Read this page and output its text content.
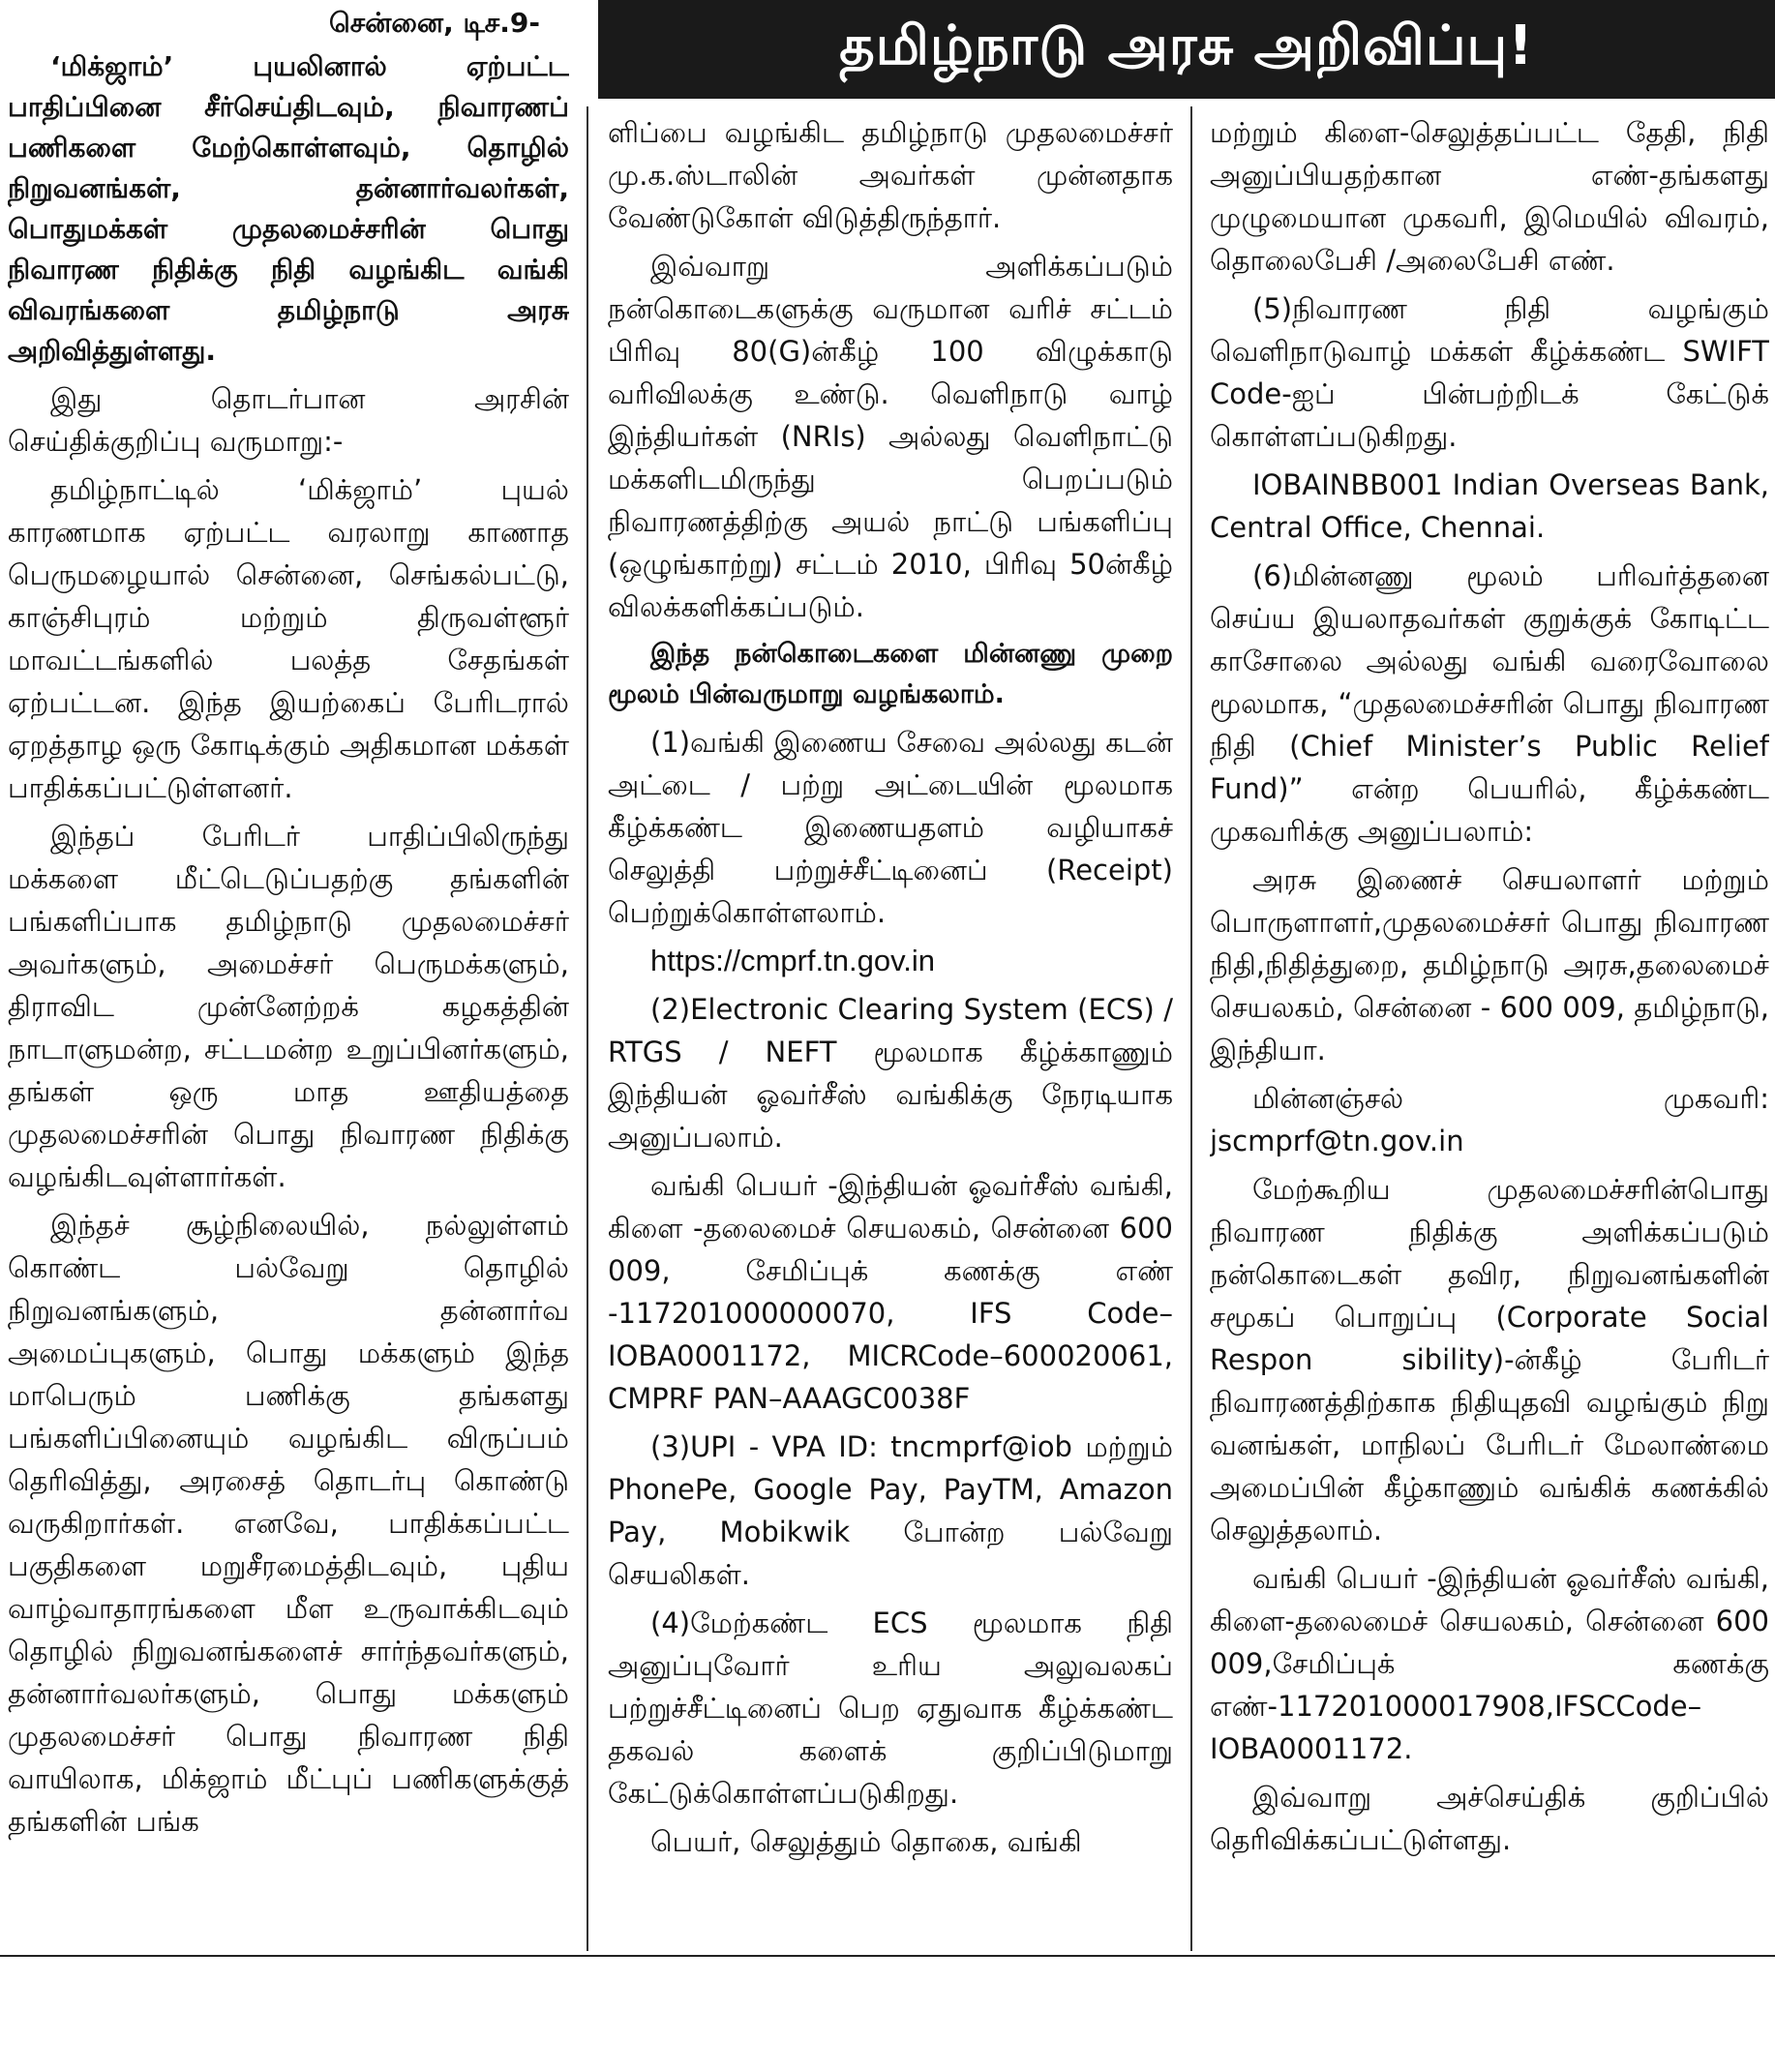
தமிழ்நாடு அரசு அறிவிப்பு!
சென்னை, டிச.9-

‘மிக்ஜாம்’ புயலினால் ஏற்பட்ட பாதிப்பினை சீர்செய்திடவும், நிவாரணப் பணிகளை மேற்கொள்ளவும், தொழில் நிறுவனங்கள், தன்னார்வலர்கள், பொதுமக்கள் முதலமைச்சரின் பொது நிவாரண நிதிக்கு நிதி வழங்கிட வங்கி விவரங்களை தமிழ்நாடு அரசு அறிவித்துள்ளது.

இது தொடர்பான அரசின் செய்திக்குறிப்பு வருமாறு:-

தமிழ்நாட்டில் ‘மிக்ஜாம்’ புயல் காரணமாக ஏற்பட்ட வரலாறு காணாத பெருமழையால் சென்னை, செங்கல்பட்டு, காஞ்சிபுரம் மற்றும் திருவள்ளூர் மாவட்டங்களில் பலத்த சேதங்கள் ஏற்பட்டன. இந்த இயற்கைப் பேரிடரால் ஏறத்தாழ ஒரு கோடிக்கும் அதிகமான மக்கள் பாதிக்கப்பட்டுள்ளனர்.

இந்தப் பேரிடர் பாதிப்பிலிருந்து மக்களை மீட்டெடுப்பதற்கு தங்களின் பங்களிப்பாக தமிழ்நாடு முதலமைச்சர் அவர்களும், அமைச்சர் பெருமக்களும், திராவிட முன்னேற்றக் கழகத்தின் நாடாளுமன்ற, சட்டமன்ற உறுப்பினர்களும், தங்கள் ஒரு மாத ஊதியத்தை முதலமைச்சரின் பொது நிவாரண நிதிக்கு வழங்கிடவுள்ளார்கள்.

இந்தச் சூழ்நிலையில், நல்லுள்ளம் கொண்ட பல்வேறு தொழில் நிறுவனங்களும், தன்னார்வ அமைப்புகளும், பொது மக்களும் இந்த மாபெரும் பணிக்கு தங்களது பங்களிப்பினையும் வழங்கிட விருப்பம் தெரிவித்து, அரசைத் தொடர்பு கொண்டு வருகிறார்கள். எனவே, பாதிக்கப்பட்ட பகுதிகளை மறுசீரமைத்திடவும், புதிய வாழ்வாதாரங்களை மீள உருவாக்கிடவும் தொழில் நிறுவனங்களைச் சார்ந்தவர்களும், தன்னார்வலர்களும், பொது மக்களும் முதலமைச்சர் பொது நிவாரண நிதி வாயிலாக, மிக்ஜாம் மீட்புப் பணிகளுக்குத் தங்களின் பங்க

ளிப்பை வழங்கிட தமிழ்நாடு முதலமைச்சர் மு.க.ஸ்டாலின் அவர்கள் முன்னதாக வேண்டுகோள் விடுத்திருந்தார்.

இவ்வாறு அளிக்கப்படும் நன்கொடைகளுக்கு வருமான வரிச் சட்டம் பிரிவு 80(G)ன்கீழ் 100 விழுக்காடு வரிவிலக்கு உண்டு. வெளிநாடு வாழ் இந்தியர்கள் (NRIs) அல்லது வெளிநாட்டு மக்களிடமிருந்து பெறப்படும் நிவாரணத்திற்கு அயல் நாட்டு பங்களிப்பு (ஒழுங்காற்று) சட்டம் 2010, பிரிவு 50ன்கீழ் விலக்களிக்கப்படும்.

இந்த நன்கொடைகளை மின்னணு முறை மூலம் பின்வருமாறு வழங்கலாம்.

(1)வங்கி இணைய சேவை அல்லது கடன் அட்டை / பற்று அட்டையின் மூலமாக கீழ்க்கண்ட இணையதளம் வழியாகச் செலுத்தி பற்றுச்சீட்டினைப் (Receipt) பெற்றுக்கொள்ளலாம்.

https://cmprf.tn.gov.in

(2)Electronic Clearing System (ECS) / RTGS / NEFT மூலமாக கீழ்க்காணும் இந்தியன் ஓவர்சீஸ் வங்கிக்கு நேரடியாக அனுப்பலாம்.

வங்கி பெயர் -இந்தியன் ஓவர்சீஸ் வங்கி, கிளை -தலைமைச் செயலகம், சென்னை 600 009, சேமிப்புக் கணக்கு எண் -117201000000070, IFS Code–IOBA0001172, MICRCode–600020061, CMPRF PAN–AAAGC0038F

(3)UPI - VPA ID: tncmprf@iob மற்றும் PhonePe, Google Pay, PayTM, Amazon Pay, Mobikwik போன்ற பல்வேறு செயலிகள்.

(4)மேற்கண்ட ECS மூலமாக நிதி அனுப்புவோர் உரிய அலுவலகப் பற்றுச்சீட்டினைப் பெற ஏதுவாக கீழ்க்கண்ட தகவல் களைக் குறிப்பிடுமாறு கேட்டுக்கொள்ளப்படுகிறது.

பெயர், செலுத்தும் தொகை, வங்கி

மற்றும் கிளை-செலுத்தப்பட்ட தேதி, நிதி அனுப்பியதற்கான எண்-தங்களது முழுமையான முகவரி, இமெயில் விவரம், தொலைபேசி /அலைபேசி எண்.

(5)நிவாரண நிதி வழங்கும் வெளிநாடுவாழ் மக்கள் கீழ்க்கண்ட SWIFT Code-ஐப் பின்பற்றிடக் கேட்டுக் கொள்ளப்படுகிறது.

IOBAINBB001 Indian Overseas Bank, Central Office, Chennai.

(6)மின்னணு மூலம் பரிவர்த்தனை செய்ய இயலாதவர்கள் குறுக்குக் கோடிட்ட காசோலை அல்லது வங்கி வரைவோலை மூலமாக, “முதலமைச்சரின் பொது நிவாரண நிதி (Chief Minister’s Public Relief Fund)” என்ற பெயரில், கீழ்க்கண்ட முகவரிக்கு அனுப்பலாம்:

அரசு இணைச் செயலாளர் மற்றும் பொருளாளர்,முதலமைச்சர் பொது நிவாரண நிதி,நிதித்துறை, தமிழ்நாடு அரசு,தலைமைச் செயலகம், சென்னை - 600 009, தமிழ்நாடு, இந்தியா.

மின்னஞ்சல் முகவரி: jscmprf@tn.gov.in

மேற்கூறிய முதலமைச்சரின்பொது நிவாரண நிதிக்கு அளிக்கப்படும் நன்கொடைகள் தவிர, நிறுவனங்களின் சமூகப் பொறுப்பு (Corporate Social Respon sibility)-ன்கீழ் பேரிடர் நிவாரணத்திற்காக நிதியுதவி வழங்கும் நிறு வனங்கள், மாநிலப் பேரிடர் மேலாண்மை அமைப்பின் கீழ்காணும் வங்கிக் கணக்கில் செலுத்தலாம்.

வங்கி பெயர் -இந்தியன் ஓவர்சீஸ் வங்கி, கிளை-தலைமைச் செயலகம், சென்னை 600 009,சேமிப்புக் கணக்கு எண்-117201000017908,IFSCCode–IOBA0001172.

இவ்வாறு அச்செய்திக் குறிப்பில் தெரிவிக்கப்பட்டுள்ளது.
